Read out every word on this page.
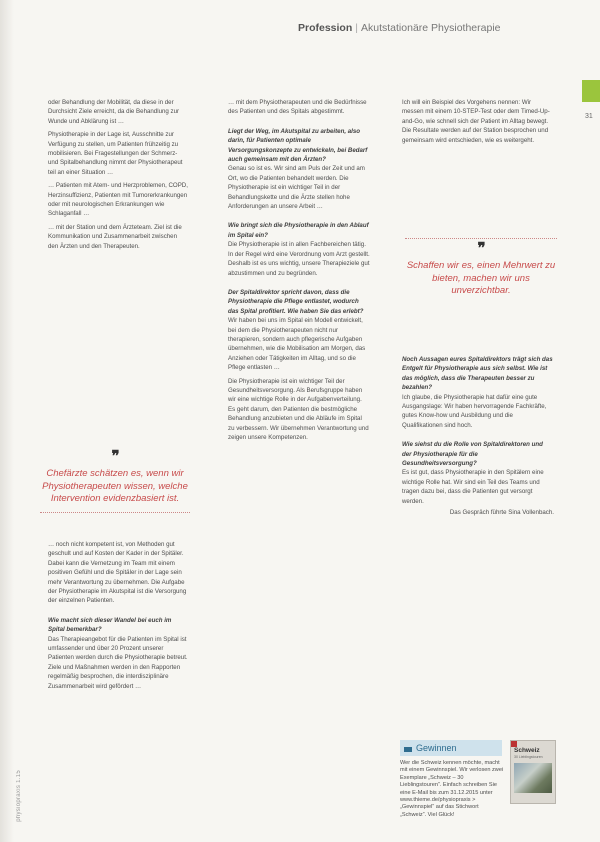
Profession | Akutstationäre Physiotherapie
31
physiopraxis 1.15

oder Behandlung der Mobilität, da diese in der Durchsicht Ziele erreicht, da die Behandlung zur Wunde und Abklärung ist …

Physiotherapie in der Lage ist, Ausschnitte zur Verfügung zu stellen, um Patienten frühzeitig zu mobilisieren. Bei Fragestellungen der Schmerz- und Spitalbehandlung nimmt der Physiotherapeut teil an einer Situation …

… Patienten mit Atem- und Herzproblemen, COPD, Herzinsuffizienz, Patienten mit Tumorerkrankungen oder mit neurologischen Erkrankungen wie Schlaganfall …

… mit der Station und dem Ärzteteam. Ziel ist die Kommunikation und Zusammenarbeit zwischen den Ärzten und den Therapeuten.

❞
Chefärzte schätzen es, wenn wir Physiotherapeuten wissen, welche Intervention evidenzbasiert ist.

… noch nicht kompetent ist, von Methoden gut geschult und auf Kosten der Kader in der Spitäler. Dabei kann die Vernetzung im Team mit einem positiven Gefühl und die Spitäler in der Lage sein mehr Verantwortung zu übernehmen. Die Aufgabe der Physiotherapie im Akutspital ist die Versorgung der einzelnen Patienten.

Wie macht sich dieser Wandel bei euch im Spital bemerkbar?

Das Therapieangebot für die Patienten im Spital ist umfassender und über 20 Prozent unserer Patienten werden durch die Physiotherapie betreut. Ziele und Maßnahmen werden in den Rapporten regelmäßig besprochen, die interdisziplinäre Zusammenarbeit wird gefördert …

… mit dem Physiotherapeuten und die Bedürfnisse des Patienten und des Spitals abgestimmt.

Liegt der Weg, im Akutspital zu arbeiten, also darin, für Patienten optimale Versorgungskonzepte zu entwickeln, bei Bedarf auch gemeinsam mit den Ärzten?

Genau so ist es. Wir sind am Puls der Zeit und am Ort, wo die Patienten behandelt werden. Die Physiotherapie ist ein wichtiger Teil in der Behandlungskette und die Ärzte stellen hohe Anforderungen an unsere Arbeit …

Wie bringt sich die Physiotherapie in den Ablauf im Spital ein?

Die Physiotherapie ist in allen Fachbereichen tätig. In der Regel wird eine Verordnung vom Arzt gestellt. Deshalb ist es uns wichtig, unsere Therapieziele gut abzustimmen und zu begründen.

Der Spitaldirektor spricht davon, dass die Physiotherapie die Pflege entlastet, wodurch das Spital profitiert. Wie haben Sie das erlebt?

Wir haben bei uns im Spital ein Modell entwickelt, bei dem die Physiotherapeuten nicht nur therapieren, sondern auch pflegerische Aufgaben übernehmen, wie die Mobilisation am Morgen, das Anziehen oder Tätigkeiten im Alltag, und so die Pflege entlasten …

Die Physiotherapie ist ein wichtiger Teil der Gesundheitsversorgung. Als Berufsgruppe haben wir eine wichtige Rolle in der Aufgabenverteilung. Es geht darum, den Patienten die bestmögliche Behandlung anzubieten und die Abläufe im Spital zu verbessern. Wir übernehmen Verantwortung und zeigen unsere Kompetenzen.

Ich will ein Beispiel des Vorgehens nennen: Wir messen mit einem 10-STEP-Test oder dem Timed-Up-and-Go, wie schnell sich der Patient im Alltag bewegt. Die Resultate werden auf der Station besprochen und gemeinsam wird entschieden, wie es weitergeht.

❞
Schaffen wir es, einen Mehrwert zu bieten, machen wir uns unverzichtbar.

Noch Aussagen eures Spitaldirektors trägt sich das Entgelt für Physiotherapie aus sich selbst. Wie ist das möglich, dass die Therapeuten besser zu bezahlen?

Ich glaube, die Physiotherapie hat dafür eine gute Ausgangslage: Wir haben hervorragende Fachkräfte, gutes Know-how und Ausbildung und die Qualifikationen sind hoch.

Wie siehst du die Rolle von Spitaldirektoren und der Physiotherapie für die Gesundheitsversorgung?

Es ist gut, dass Physiotherapie in den Spitälern eine wichtige Rolle hat. Wir sind ein Teil des Teams und tragen dazu bei, dass die Patienten gut versorgt werden.

Das Gespräch führte Sina Vollenbach.

Gewinnen
Wer die Schweiz kennen möchte, macht mit einem Gewinnspiel. Wir verlosen zwei Exemplare „Schweiz – 30 Lieblingstouren“. Einfach schreiben Sie eine E-Mail bis zum 31.12.2015 unter www.thieme.de/physiopraxis > „Gewinnspiel“ auf das Stichwort „Schweiz“. Viel Glück!
Schweiz
30 Lieblingstouren
